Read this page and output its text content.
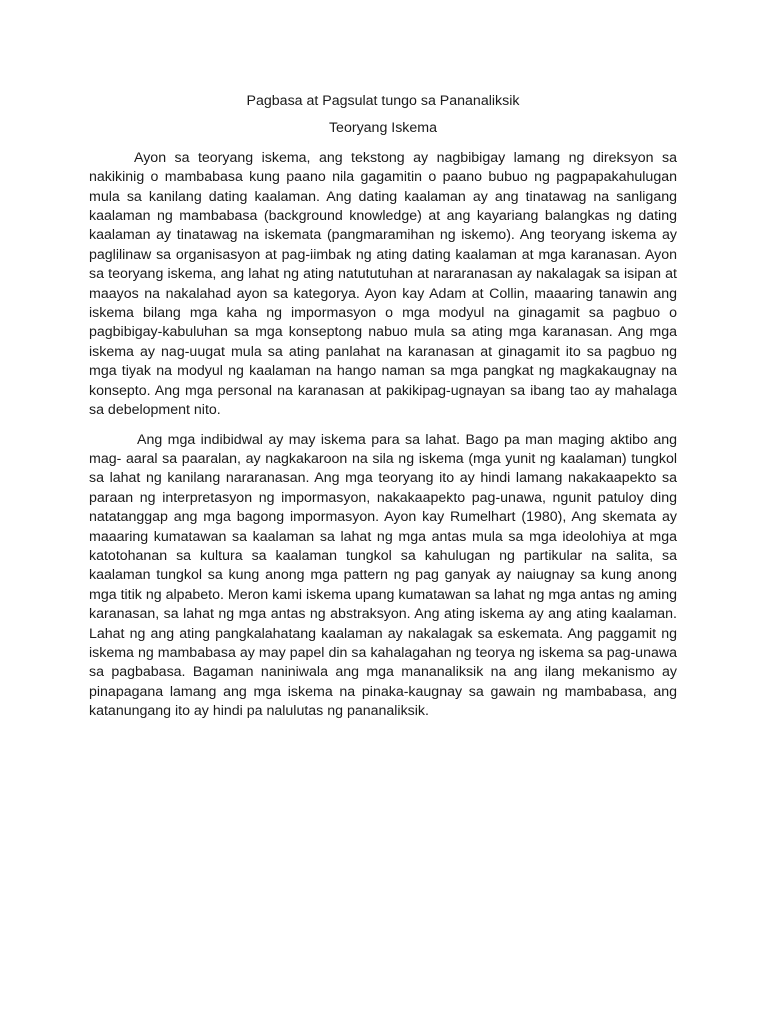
Pagbasa at Pagsulat tungo sa Pananaliksik

Teoryang Iskema

Ayon sa teoryang iskema, ang tekstong ay nagbibigay lamang ng direksyon sa nakikinig o mambabasa kung paano nila gagamitin o paano bubuo ng pagpapakahulugan mula sa kanilang dating kaalaman. Ang dating kaalaman ay ang tinatawag na sanligang kaalaman ng mambabasa (background knowledge) at ang kayariang balangkas ng dating kaalaman ay tinatawag na iskemata (pangmaramihan ng iskemo). Ang teoryang iskema ay paglilinaw sa organisasyon at pag-iimbak ng ating dating kaalaman at mga karanasan. Ayon sa teoryang iskema, ang lahat ng ating natututuhan at nararanasan ay nakalagak sa isipan at maayos na nakalahad ayon sa kategorya. Ayon kay Adam at Collin, maaaring tanawin ang iskema bilang mga kaha ng impormasyon o mga modyul na ginagamit sa pagbuo o pagbibigay-kabuluhan sa mga konseptong nabuo mula sa ating mga karanasan. Ang mga iskema ay nag-uugat mula sa ating panlahat na karanasan at ginagamit ito sa pagbuo ng mga tiyak na modyul ng kaalaman na hango naman sa mga pangkat ng magkakaugnay na konsepto. Ang mga personal na karanasan at pakikipag-ugnayan sa ibang tao ay mahalaga sa debelopment nito.

Ang mga indibidwal ay may iskema para sa lahat. Bago pa man maging aktibo ang mag- aaral sa paaralan, ay nagkakaroon na sila ng iskema (mga yunit ng kaalaman) tungkol sa lahat ng kanilang nararanasan. Ang mga teoryang ito ay hindi lamang nakakaapekto sa paraan ng interpretasyon ng impormasyon, nakakaapekto pag-unawa, ngunit patuloy ding natatanggap ang mga bagong impormasyon. Ayon kay Rumelhart (1980), Ang skemata ay maaaring kumatawan sa kaalaman sa lahat ng mga antas mula sa mga ideolohiya at mga katotohanan sa kultura sa kaalaman tungkol sa kahulugan ng partikular na salita, sa kaalaman tungkol sa kung anong mga pattern ng pag ganyak ay naiugnay sa kung anong mga titik ng alpabeto. Meron kami iskema upang kumatawan sa lahat ng mga antas ng aming karanasan, sa lahat ng mga antas ng abstraksyon. Ang ating iskema ay ang ating kaalaman. Lahat ng ang ating pangkalahatang kaalaman ay nakalagak sa eskemata. Ang paggamit ng iskema ng mambabasa ay may papel din sa kahalagahan ng teorya ng iskema sa pag-unawa sa pagbabasa. Bagaman naniniwala ang mga mananaliksik na ang ilang mekanismo ay pinapagana lamang ang mga iskema na pinaka-kaugnay sa gawain ng mambabasa, ang katanungang ito ay hindi pa nalulutas ng pananaliksik.
